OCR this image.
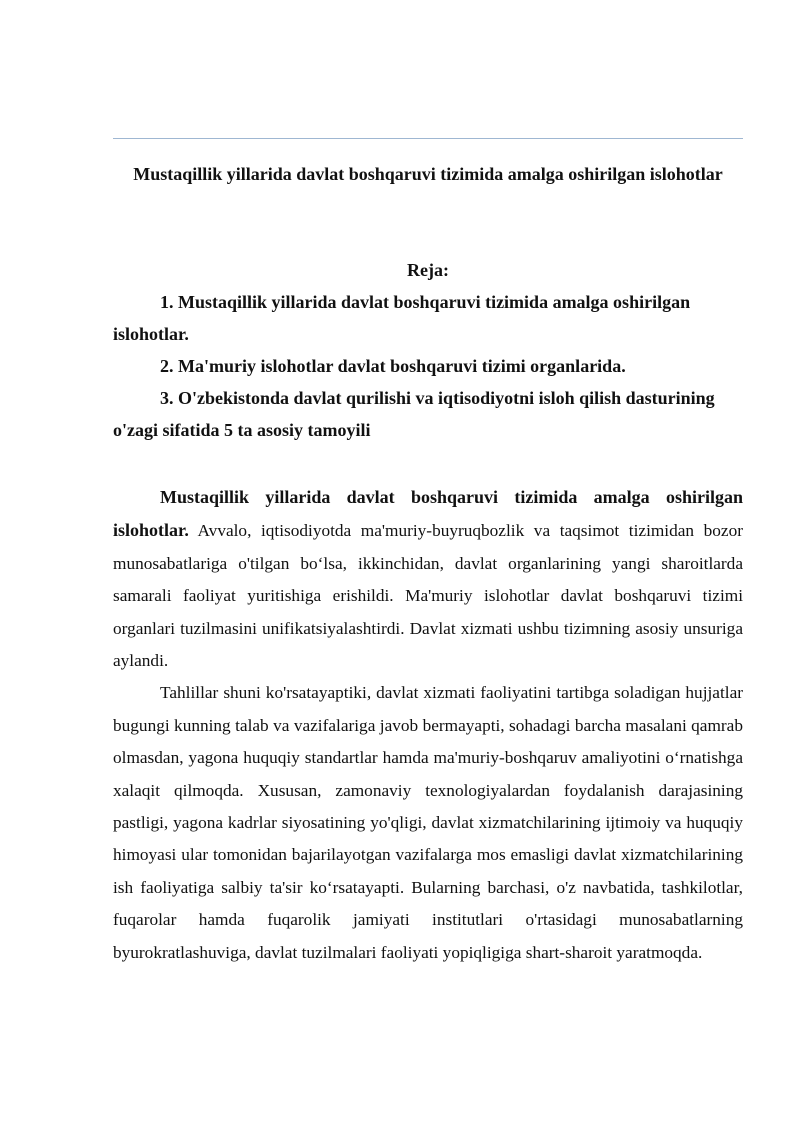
Mustaqillik yillarida davlat boshqaruvi tizimida amalga oshirilgan islohotlar
Reja:

1. Mustaqillik yillarida davlat boshqaruvi tizimida amalga oshirilgan islohotlar.

2. Ma'muriy islohotlar davlat boshqaruvi tizimi organlarida.

3. O'zbekistonda davlat qurilishi va iqtisodiyotni isloh qilish dasturining o'zagi sifatida 5 ta asosiy tamoyili

Mustaqillik yillarida davlat boshqaruvi tizimida amalga oshirilgan islohotlar. Avvalo, iqtisodiyotda ma'muriy-buyruqbozlik va taqsimot tizimidan bozor munosabatlariga o'tilgan bo‘lsa, ikkinchidan, davlat organlarining yangi sharoitlarda samarali faoliyat yuritishiga erishildi. Ma'muriy islohotlar davlat boshqaruvi tizimi organlari tuzilmasini unifikatsiyalashtirdi. Davlat xizmati ushbu tizimning asosiy unsuriga aylandi.

Tahlillar shuni ko'rsatayaptiki, davlat xizmati faoliyatini tartibga soladigan hujjatlar bugungi kunning talab va vazifalariga javob bermayapti, sohadagi barcha masalani qamrab olmasdan, yagona huquqiy standartlar hamda ma'muriy-boshqaruv amaliyotini o‘rnatishga xalaqit qilmoqda. Xususan, zamonaviy texnologiyalardan foydalanish darajasining pastligi, yagona kadrlar siyosatining yo'qligi, davlat xizmatchilarining ijtimoiy va huquqiy himoyasi ular tomonidan bajarilayotgan vazifalarga mos emasligi davlat xizmatchilarining ish faoliyatiga salbiy ta'sir ko‘rsatayapti. Bularning barchasi, o'z navbatida, tashkilotlar, fuqarolar hamda fuqarolik jamiyati institutlari o'rtasidagi munosabatlarning byurokratlashuviga, davlat tuzilmalari faoliyati yopiqligiga shart-sharoit yaratmoqda.
